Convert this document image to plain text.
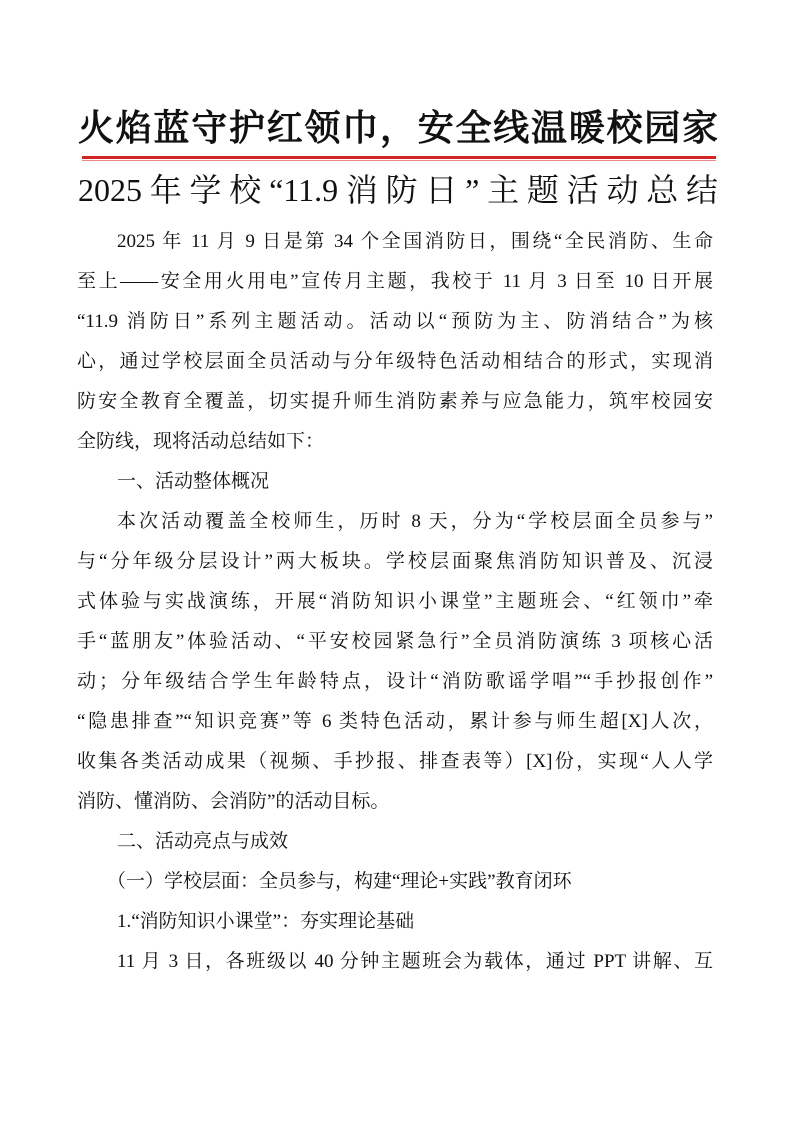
火焰蓝守护红领巾，安全线温暖校园家
2025年学校“11.9消防日”主题活动总结
2025 年 11 月 9 日是第 34 个全国消防日，围绕“全民消防、生命
至上——安全用火用电”宣传月主题，我校于 11 月 3 日至 10 日开展
“11.9 消防日”系列主题活动。活动以“预防为主、防消结合”为核
心，通过学校层面全员活动与分年级特色活动相结合的形式，实现消
防安全教育全覆盖，切实提升师生消防素养与应急能力，筑牢校园安
全防线，现将活动总结如下：
一、活动整体概况
本次活动覆盖全校师生，历时 8 天，分为“学校层面全员参与”
与“分年级分层设计”两大板块。学校层面聚焦消防知识普及、沉浸
式体验与实战演练，开展“消防知识小课堂”主题班会、“红领巾”牵
手“蓝朋友”体验活动、“平安校园紧急行”全员消防演练 3 项核心活
动；分年级结合学生年龄特点，设计“消防歌谣学唱”“手抄报创作”
“隐患排查”“知识竞赛”等 6 类特色活动，累计参与师生超[X]人次，
收集各类活动成果（视频、手抄报、排查表等）[X]份，实现“人人学
消防、懂消防、会消防”的活动目标。
二、活动亮点与成效
（一）学校层面：全员参与，构建“理论+实践”教育闭环
1.“消防知识小课堂”：夯实理论基础
11 月 3 日，各班级以 40 分钟主题班会为载体，通过 PPT 讲解、互
